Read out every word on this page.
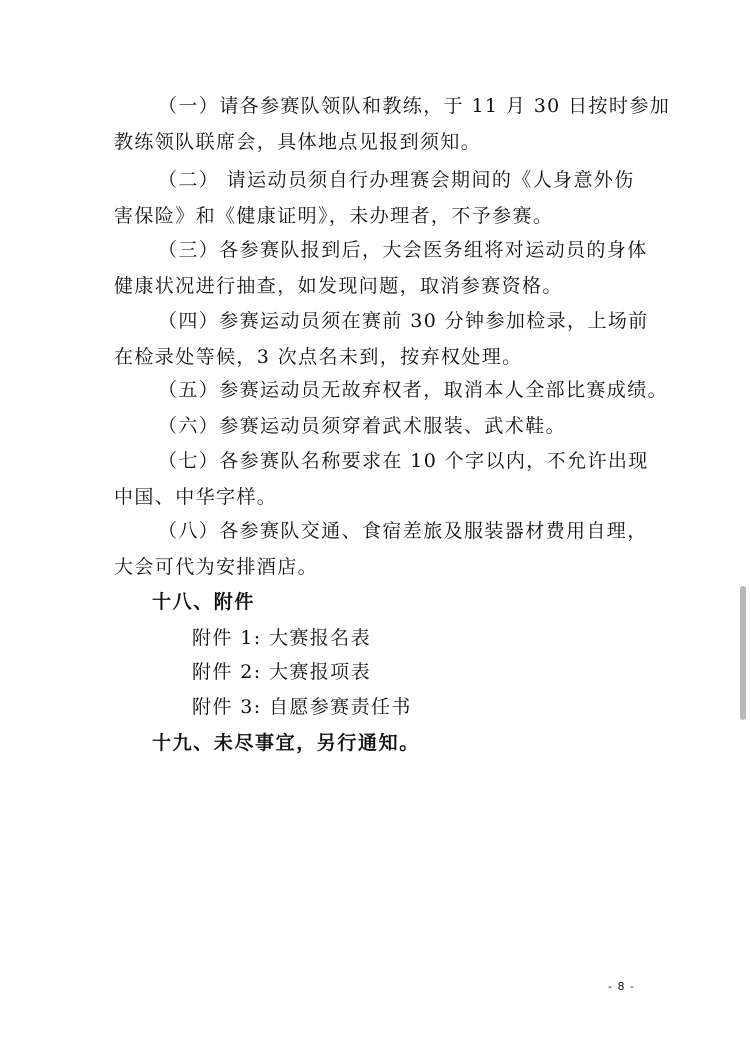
（一）请各参赛队领队和教练，于 11 月 30 日按时参加
教练领队联席会，具体地点见报到须知。
（二） 请运动员须自行办理赛会期间的《人身意外伤
害保险》和《健康证明》，未办理者，不予参赛。
（三）各参赛队报到后，大会医务组将对运动员的身体
健康状况进行抽查，如发现问题，取消参赛资格。
（四）参赛运动员须在赛前 30 分钟参加检录，上场前
在检录处等候，3 次点名未到，按弃权处理。
（五）参赛运动员无故弃权者，取消本人全部比赛成绩。
（六）参赛运动员须穿着武术服装、武术鞋。
（七）各参赛队名称要求在 10 个字以内，不允许出现
中国、中华字样。
（八）各参赛队交通、食宿差旅及服装器材费用自理，
大会可代为安排酒店。
十八、附件
附件 1: 大赛报名表
附件 2: 大赛报项表
附件 3: 自愿参赛责任书
十九、未尽事宜，另行通知。
- 8 -
